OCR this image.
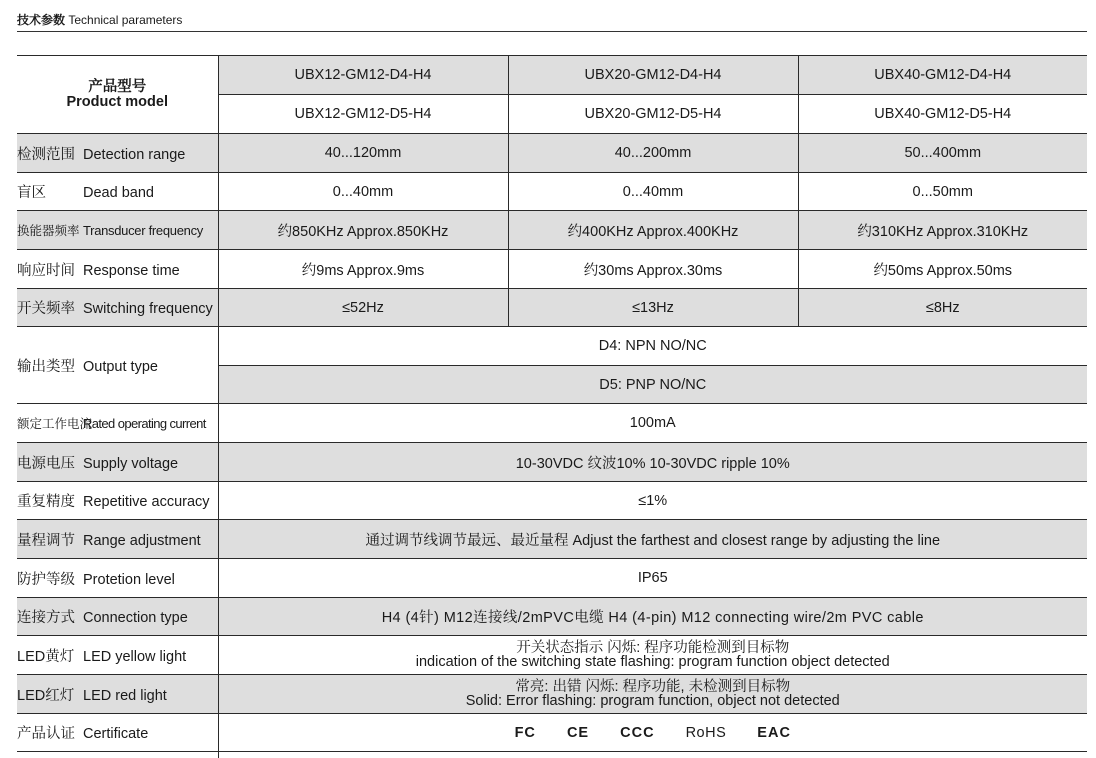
技术参数 Technical parameters
产品型号
Product model	UBX12-GM12-D4-H4	UBX20-GM12-D4-H4	UBX40-GM12-D4-H4
	UBX12-GM12-D5-H4	UBX20-GM12-D5-H4	UBX40-GM12-D5-H4
检测范围 Detection range	40...120mm	40...200mm	50...400mm
盲区 Dead band	0...40mm	0...40mm	0...50mm
换能器频率 Transducer frequency	约850KHz Approx.850KHz	约400KHz Approx.400KHz	约310KHz Approx.310KHz
响应时间 Response time	约9ms Approx.9ms	约30ms Approx.30ms	约50ms Approx.50ms
开关频率 Switching frequency	≤52Hz	≤13Hz	≤8Hz
输出类型 Output type	D4: NPN NO/NC		
	D5: PNP NO/NC		
额定工作电流Rated operating current	100mA		
电源电压 Supply voltage	10-30VDC 纹波10% 10-30VDC ripple 10%		
重复精度 Repetitive accuracy	≤1%		
量程调节 Range adjustment	通过调节线调节最远、最近量程 Adjust the farthest and closest range by adjusting the line		
防护等级 Protetion level	IP65		
连接方式 Connection type	H4 (4针) M12连接线/2mPVC电缆 H4 (4-pin) M12 connecting wire/2m PVC cable		
LED黄灯 LED yellow light	开关状态指示 闪烁: 程序功能检测到目标物
indication of the switching state flashing: program function object detected		

LED红灯 LED red light	常亮: 出错 闪烁: 程序功能, 未检测到目标物
Solid: Error flashing: program function, object not detected		

产品认证 Certificate	FC CE CCC RoHS EAC		
